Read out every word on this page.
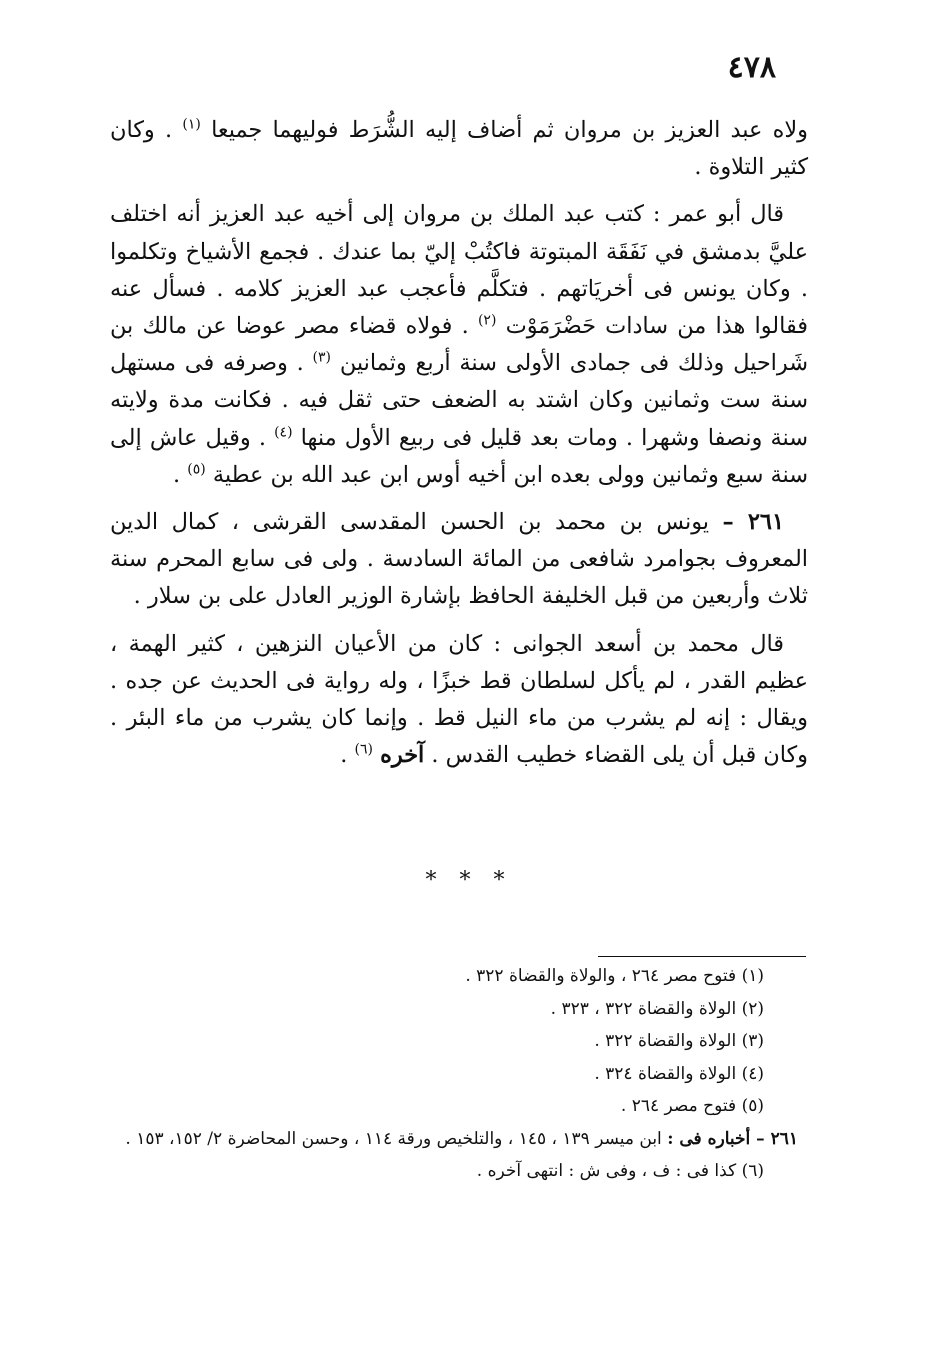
٤٧٨

ولاه عبد العزيز بن مروان ثم أضاف إليه الشُّرَط فوليهما جميعا $^{(١)}$ . وكان كثير التلاوة .

قال أبو عمر : كتب عبد الملك بن مروان إلى أخيه عبد العزيز أنه اختلف عليَّ بدمشق في نَفَقَة المبتوتة فاكتُبْ إليّ بما عندك . فجمع الأشياخ وتكلموا . وكان يونس فى أخريَاتهم . فتكلَّم فأعجب عبد العزيز كلامه . فسأل عنه فقالوا هذا من سادات حَضْرَمَوْت $^{(٢)}$ . فولاه قضاء مصر عوضا عن مالك بن شَراحيل وذلك فى جمادى الأولى سنة أربع وثمانين $^{(٣)}$ . وصرفه فى مستهل سنة ست وثمانين وكان اشتد به الضعف حتى ثقل فيه . فكانت مدة ولايته سنة ونصفا وشهرا . ومات بعد قليل فى ربيع الأول منها $^{(٤)}$ . وقيل عاش إلى سنة سبع وثمانين وولى بعده ابن أخيه أوس ابن عبد الله بن عطية $^{(٥)}$ .

٢٦١ – يونس بن محمد بن الحسن المقدسى القرشى ، كمال الدين المعروف بجوامرد شافعى من المائة السادسة . ولى فى سابع المحرم سنة ثلاث وأربعين من قبل الخليفة الحافظ بإشارة الوزير العادل على بن سلار .

قال محمد بن أسعد الجوانى : كان من الأعيان النزهين ، كثير الهمة ، عظيم القدر ، لم يأكل لسلطان قط خبزًا ، وله رواية فى الحديث عن جده . ويقال : إنه لم يشرب من ماء النيل قط . وإنما كان يشرب من ماء البئر . وكان قبل أن يلى القضاء خطيب القدس . آخره $^{(٦)}$ .

* * *

(١) فتوح مصر ٢٦٤ ، والولاة والقضاة ٣٢٢ .

(٢) الولاة والقضاة ٣٢٢ ، ٣٢٣ .

(٣) الولاة والقضاة ٣٢٢ .

(٤) الولاة والقضاة ٣٢٤ .

(٥) فتوح مصر ٢٦٤ .

٢٦١ – أخباره فى : ابن ميسر ١٣٩ ، ١٤٥ ، والتلخيص ورقة ١١٤ ، وحسن المحاضرة ٢/ ١٥٢، ١٥٣ .

(٦) كذا فى : ف ، وفى ش : انتهى آخره .
